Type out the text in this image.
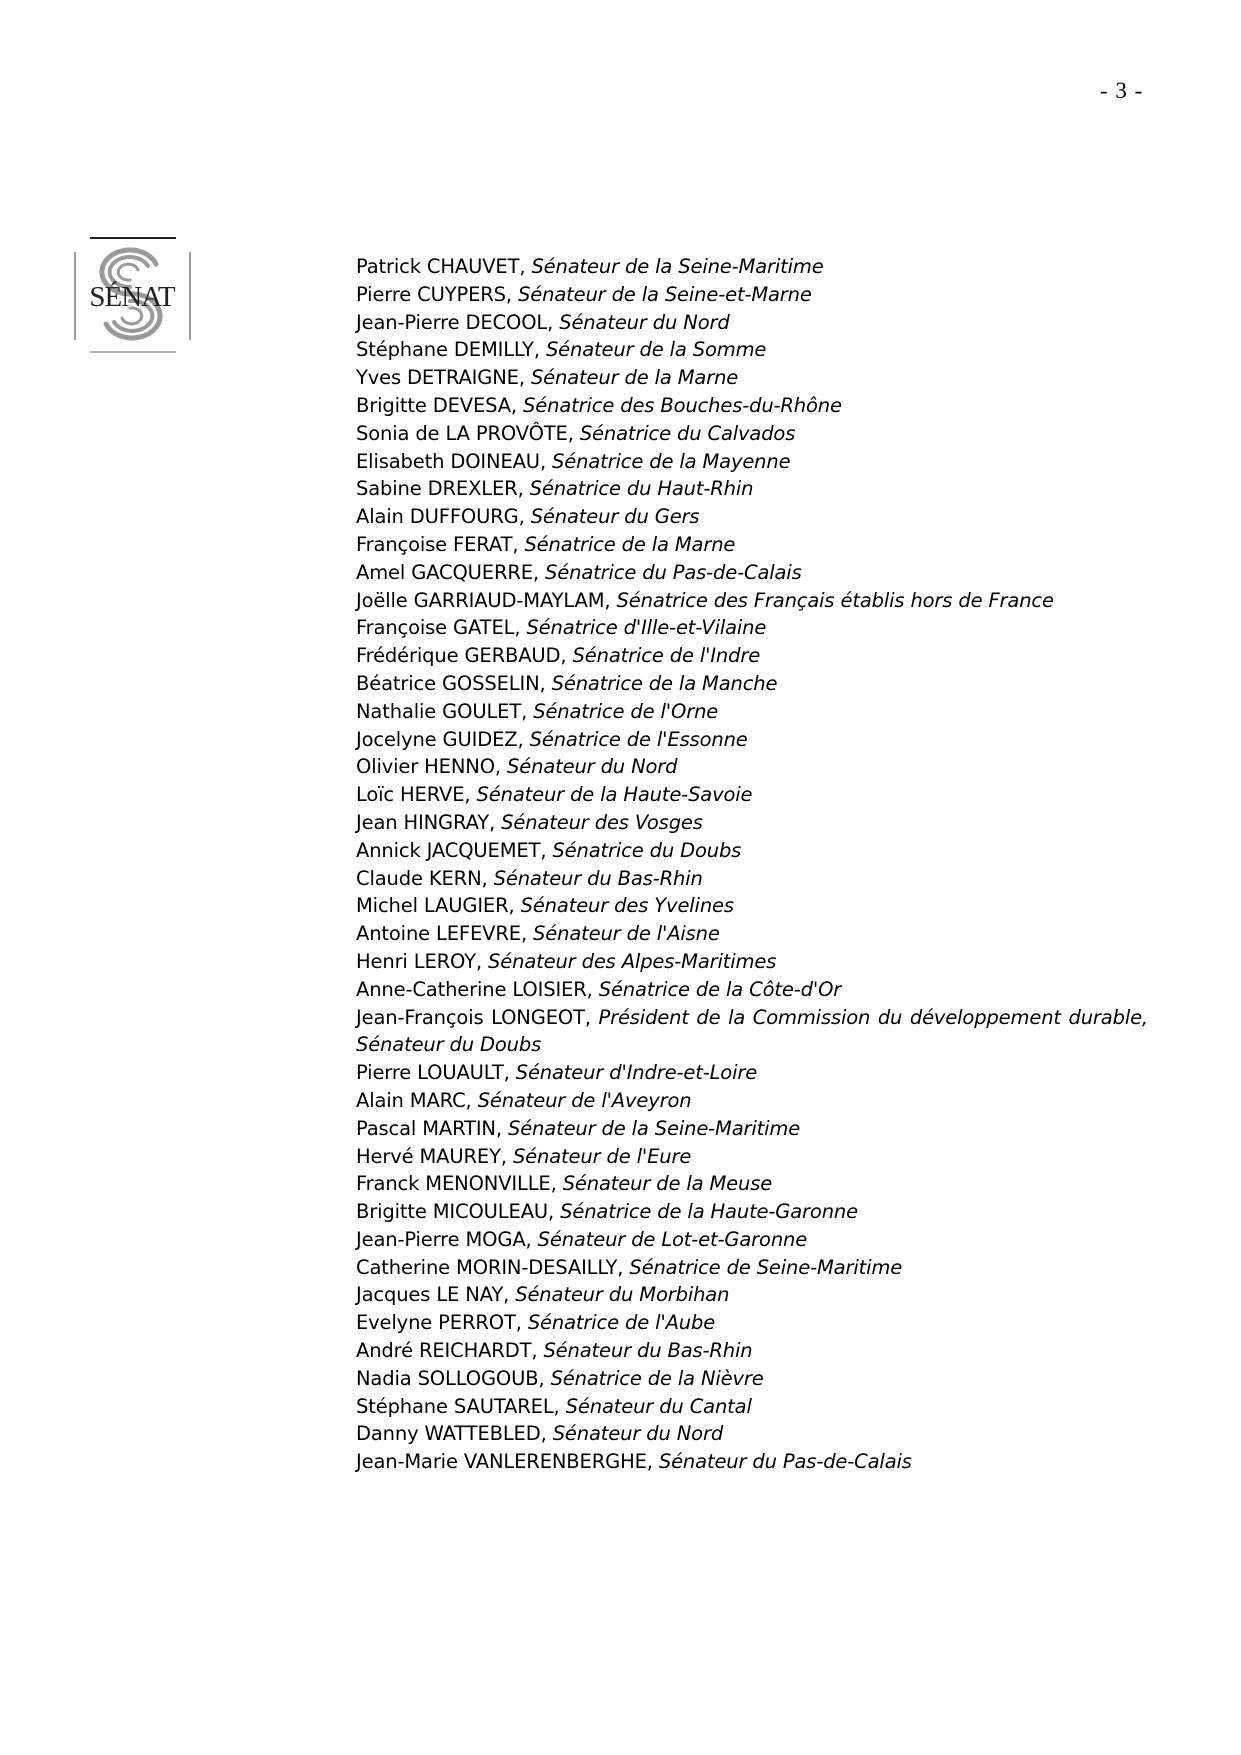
- 3 -
SÉNAT
Patrick CHAUVET, Sénateur de la Seine-Maritime
Pierre CUYPERS, Sénateur de la Seine-et-Marne
Jean-Pierre DECOOL, Sénateur du Nord
Stéphane DEMILLY, Sénateur de la Somme
Yves DETRAIGNE, Sénateur de la Marne
Brigitte DEVESA, Sénatrice des Bouches-du-Rhône
Sonia de LA PROVÔTE, Sénatrice du Calvados
Elisabeth DOINEAU, Sénatrice de la Mayenne
Sabine DREXLER, Sénatrice du Haut-Rhin
Alain DUFFOURG, Sénateur du Gers
Françoise FERAT, Sénatrice de la Marne
Amel GACQUERRE, Sénatrice du Pas-de-Calais
Joëlle GARRIAUD-MAYLAM, Sénatrice des Français établis hors de France
Françoise GATEL, Sénatrice d'Ille-et-Vilaine
Frédérique GERBAUD, Sénatrice de l'Indre
Béatrice GOSSELIN, Sénatrice de la Manche
Nathalie GOULET, Sénatrice de l'Orne
Jocelyne GUIDEZ, Sénatrice de l'Essonne
Olivier HENNO, Sénateur du Nord
Loïc HERVE, Sénateur de la Haute-Savoie
Jean HINGRAY, Sénateur des Vosges
Annick JACQUEMET, Sénatrice du Doubs
Claude KERN, Sénateur du Bas-Rhin
Michel LAUGIER, Sénateur des Yvelines
Antoine LEFEVRE, Sénateur de l'Aisne
Henri LEROY, Sénateur des Alpes-Maritimes
Anne-Catherine LOISIER, Sénatrice de la Côte-d'Or
Jean-François LONGEOT, Président de la Commission du développement durable, Sénateur du Doubs
Pierre LOUAULT, Sénateur d'Indre-et-Loire
Alain MARC, Sénateur de l'Aveyron
Pascal MARTIN, Sénateur de la Seine-Maritime
Hervé MAUREY, Sénateur de l'Eure
Franck MENONVILLE, Sénateur de la Meuse
Brigitte MICOULEAU, Sénatrice de la Haute-Garonne
Jean-Pierre MOGA, Sénateur de Lot-et-Garonne
Catherine MORIN-DESAILLY, Sénatrice de Seine-Maritime
Jacques LE NAY, Sénateur du Morbihan
Evelyne PERROT, Sénatrice de l'Aube
André REICHARDT, Sénateur du Bas-Rhin
Nadia SOLLOGOUB, Sénatrice de la Nièvre
Stéphane SAUTAREL, Sénateur du Cantal
Danny WATTEBLED, Sénateur du Nord
Jean-Marie VANLERENBERGHE, Sénateur du Pas-de-Calais
